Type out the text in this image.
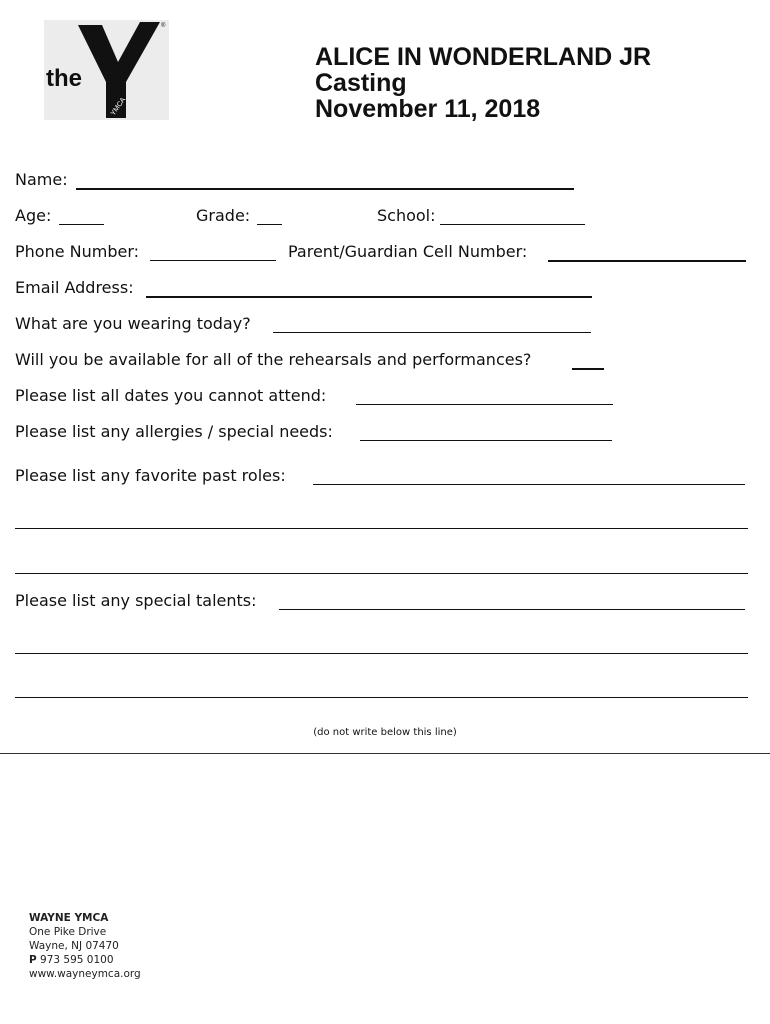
the
YMCA
®
ALICE IN WONDERLAND JR
Casting
November 11, 2018
Name:
Age:	Grade:	School:
Phone Number:	Parent/Guardian Cell Number:
Email Address:
What are you wearing today?
Will you be available for all of the rehearsals and performances?
Please list all dates you cannot attend:
Please list any allergies / special needs:
Please list any favorite past roles:
Please list any special talents:
(do not write below this line)
WAYNE YMCA
One Pike Drive
Wayne, NJ 07470
P 973 595 0100
www.wayneymca.org
